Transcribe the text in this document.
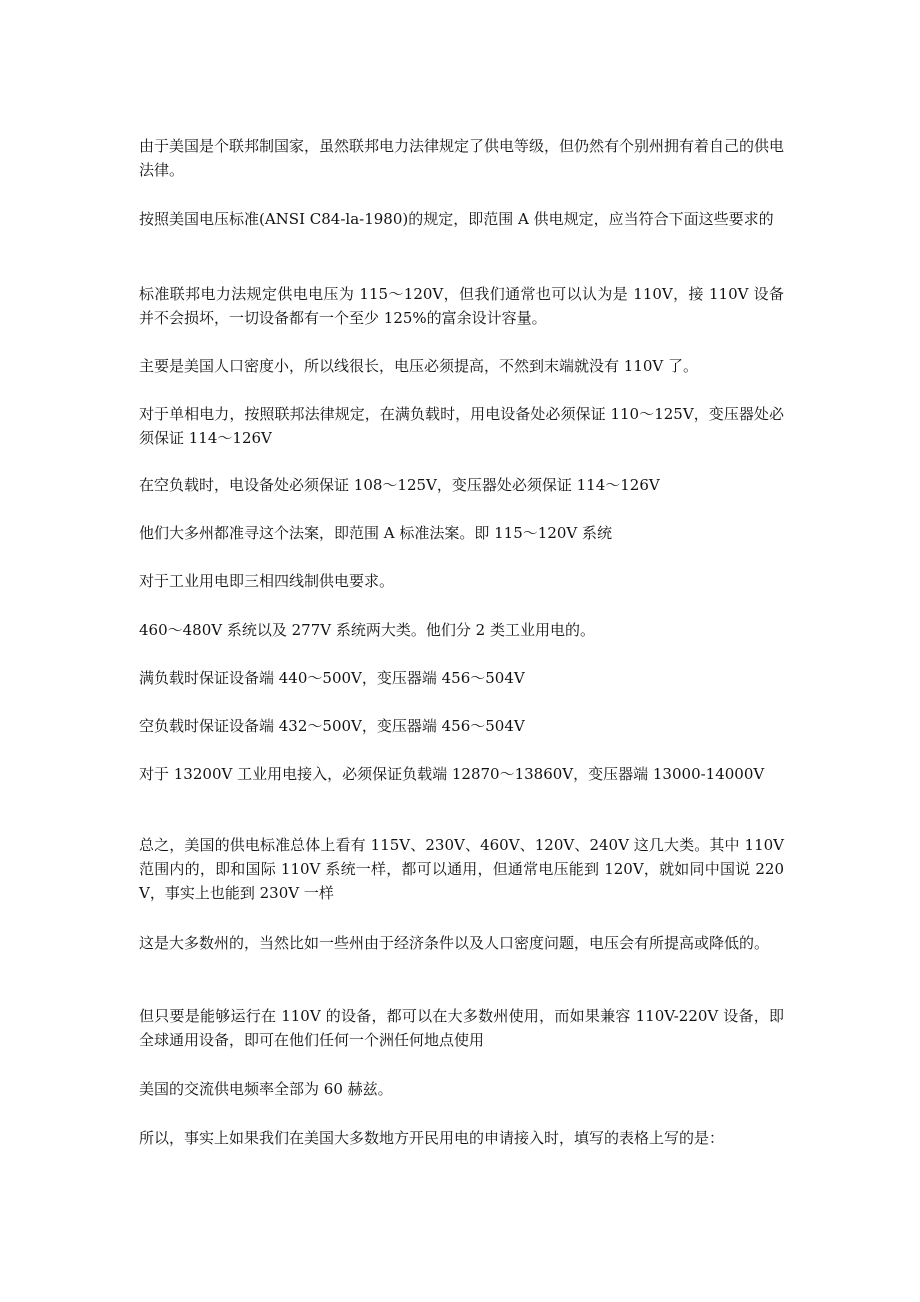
由于美国是个联邦制国家，虽然联邦电力法律规定了供电等级，但仍然有个别州拥有着自己的供电法律。

按照美国电压标准(ANSI C84-la-1980)的规定，即范围 A 供电规定，应当符合下面这些要求的

标准联邦电力法规定供电电压为 115～120V，但我们通常也可以认为是 110V，接 110V 设备并不会损坏，一切设备都有一个至少 125%的富余设计容量。

主要是美国人口密度小，所以线很长，电压必须提高，不然到末端就没有 110V 了。

对于单相电力，按照联邦法律规定，在满负载时，用电设备处必须保证 110～125V，变压器处必须保证 114～126V

在空负载时，电设备处必须保证 108～125V，变压器处必须保证 114～126V

他们大多州都准寻这个法案，即范围 A 标准法案。即 115～120V 系统

对于工业用电即三相四线制供电要求。

460～480V 系统以及 277V 系统两大类。他们分 2 类工业用电的。

满负载时保证设备端 440～500V，变压器端 456～504V

空负载时保证设备端 432～500V，变压器端 456～504V

对于 13200V 工业用电接入，必须保证负载端 12870～13860V，变压器端 13000-14000V

总之，美国的供电标准总体上看有 115V、230V、460V、120V、240V 这几大类。其中 110V 范围内的，即和国际 110V 系统一样，都可以通用，但通常电压能到 120V，就如同中国说 220V，事实上也能到 230V 一样

这是大多数州的，当然比如一些州由于经济条件以及人口密度问题，电压会有所提高或降低的。

但只要是能够运行在 110V 的设备，都可以在大多数州使用，而如果兼容 110V-220V 设备，即全球通用设备，即可在他们任何一个洲任何地点使用

美国的交流供电频率全部为 60 赫兹。

所以，事实上如果我们在美国大多数地方开民用电的申请接入时，填写的表格上写的是：
